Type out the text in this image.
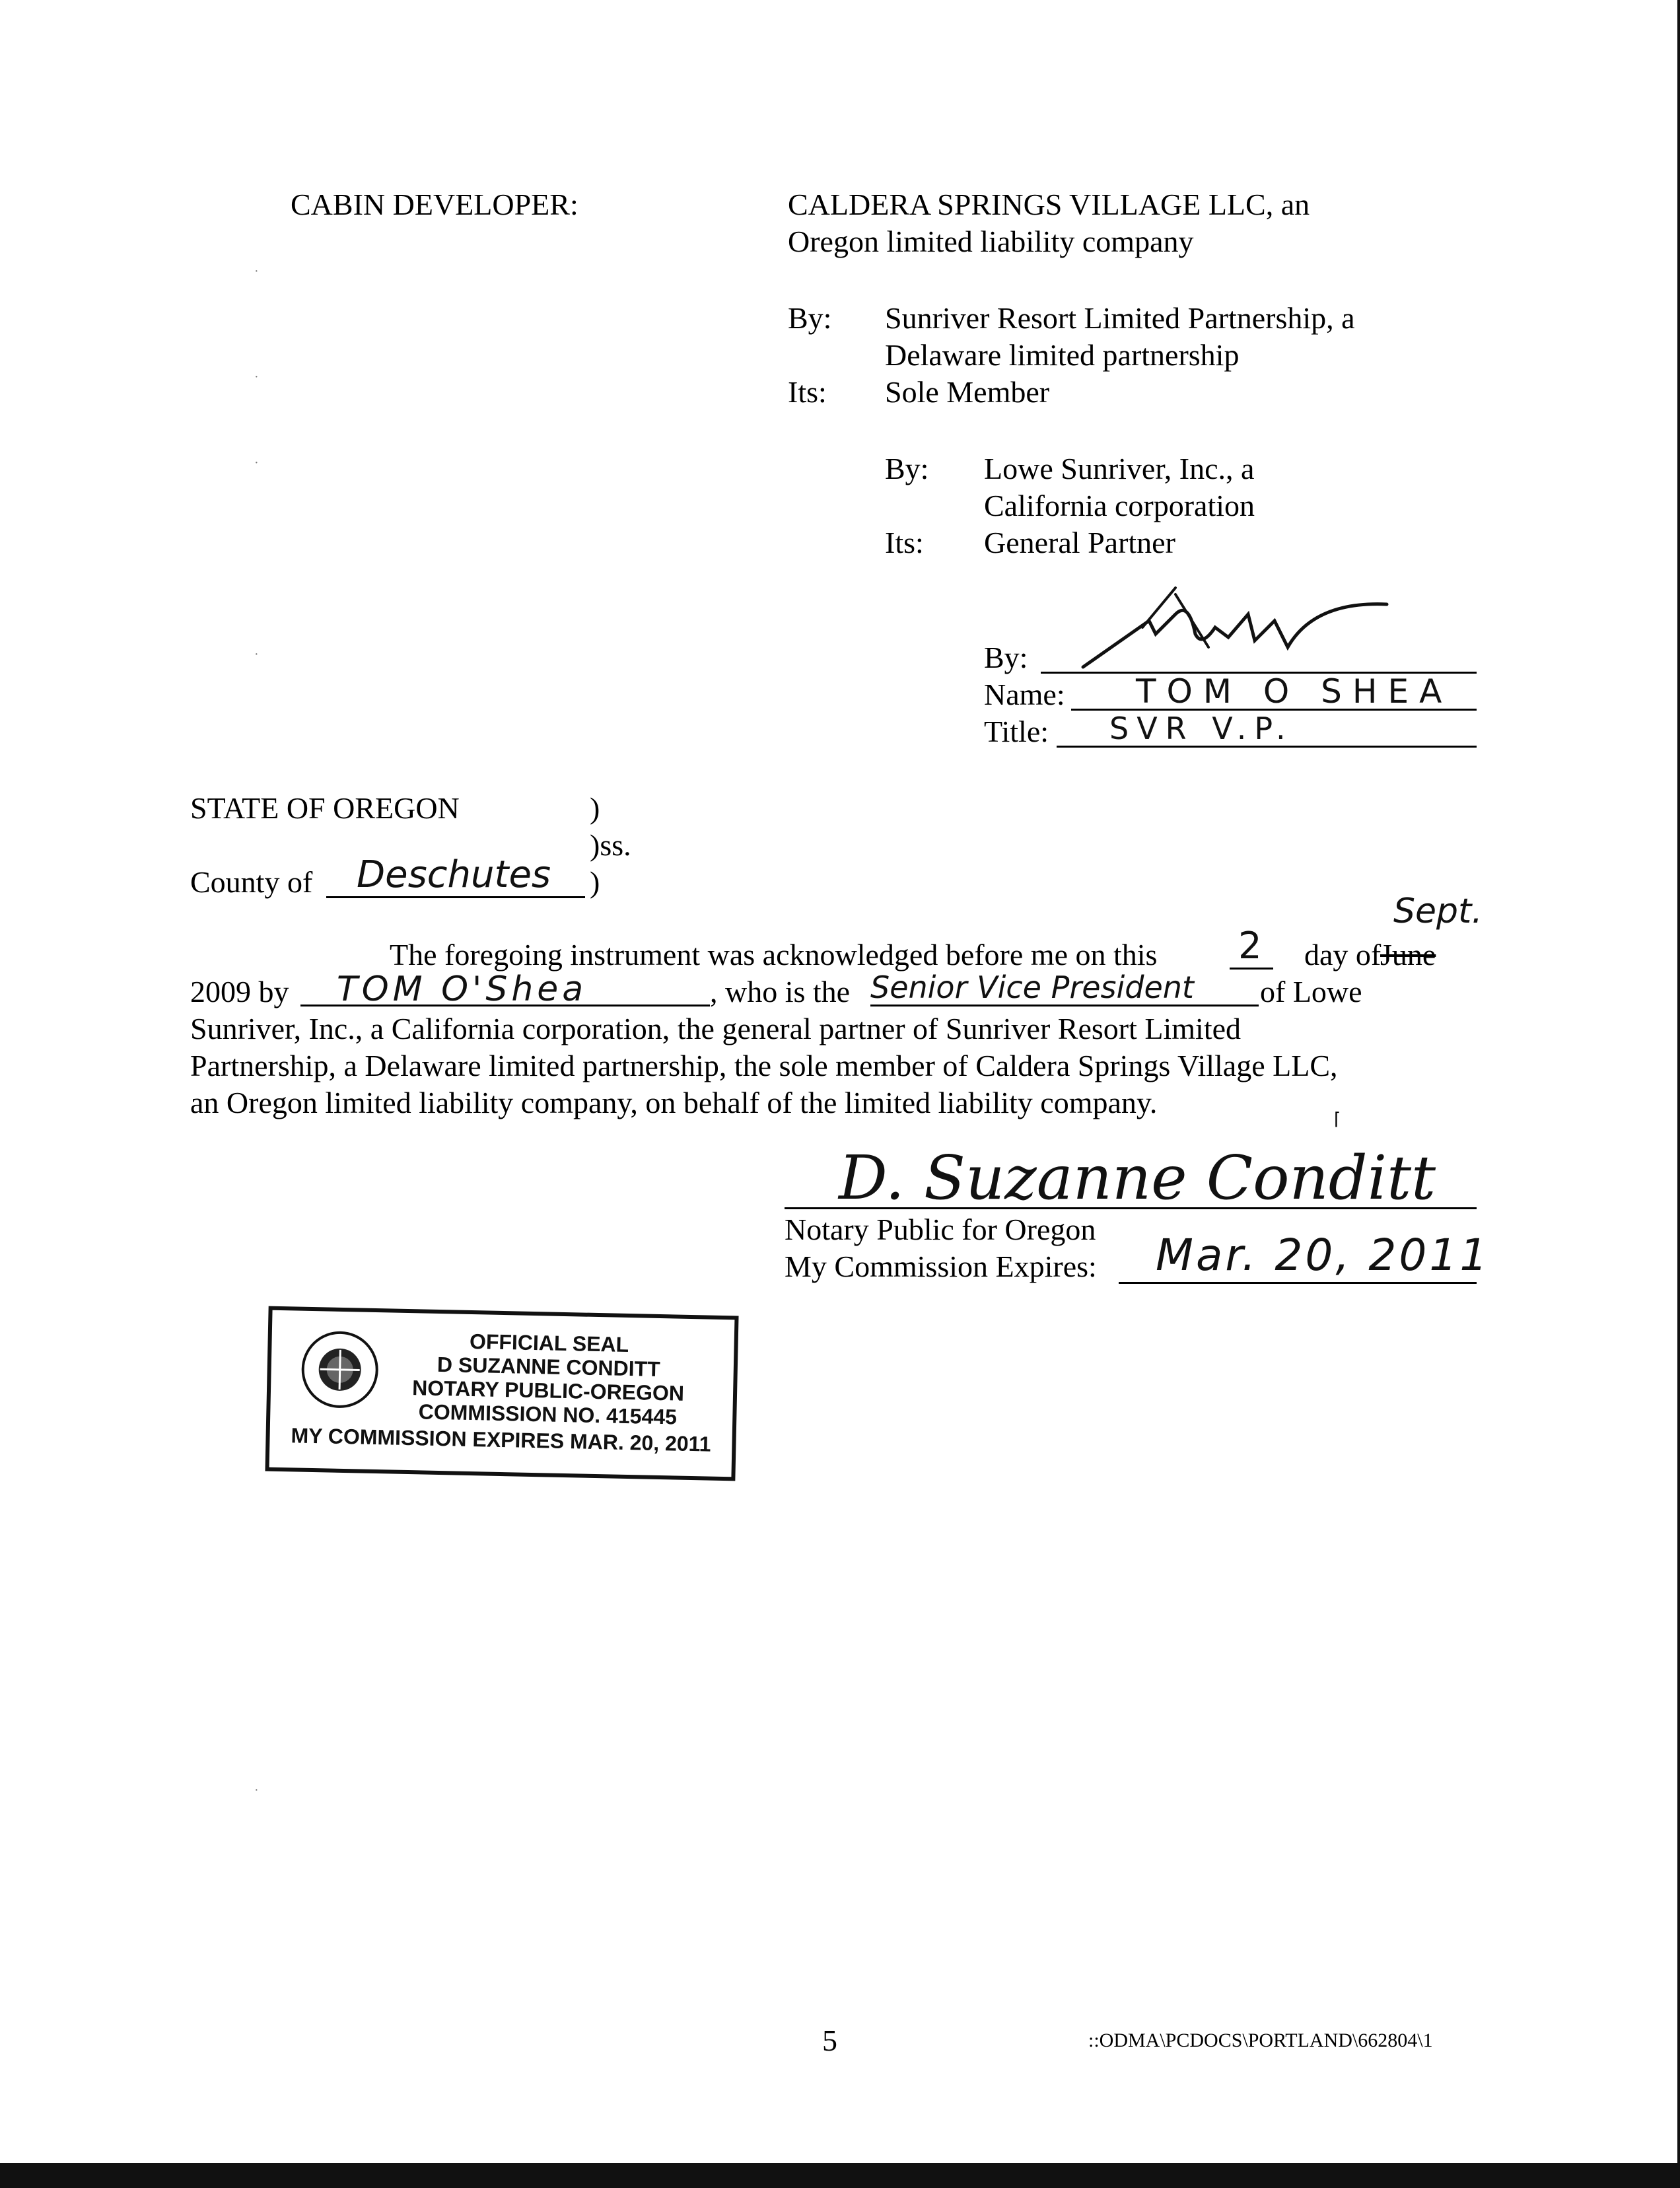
CABIN DEVELOPER:	CALDERA SPRINGS VILLAGE LLC, an
Oregon limited liability company
By: Sunriver Resort Limited Partnership, a
Delaware limited partnership
Its: Sole Member
By: Lowe Sunriver, Inc., a
California corporation
Its: General Partner
By:
Name: TOM O SHEA
Title: SVR V.P.
STATE OF OREGON	)
)ss.
County of Deschutes )
Sept.
The foregoing instrument was acknowledged before me on this 2 day of
June
2009 by TOM O'Shea	, who is the Senior Vice President of Lowe
Sunriver, Inc., a California corporation, the general partner of Sunriver Resort Limited
Partnership, a Delaware limited partnership, the sole member of Caldera Springs Village LLC,
an Oregon limited liability company, on behalf of the limited liability company.	⌈
D. Suzanne Conditt
Notary Public for Oregon
My Commission Expires: Mar. 20, 2011
OFFICIAL SEAL
D SUZANNE CONDITT
NOTARY PUBLIC-OREGON
COMMISSION NO. 415445
MY COMMISSION EXPIRES MAR. 20, 2011
·
·
·
·
·
5	::ODMA\PCDOCS\PORTLAND\662804\1
